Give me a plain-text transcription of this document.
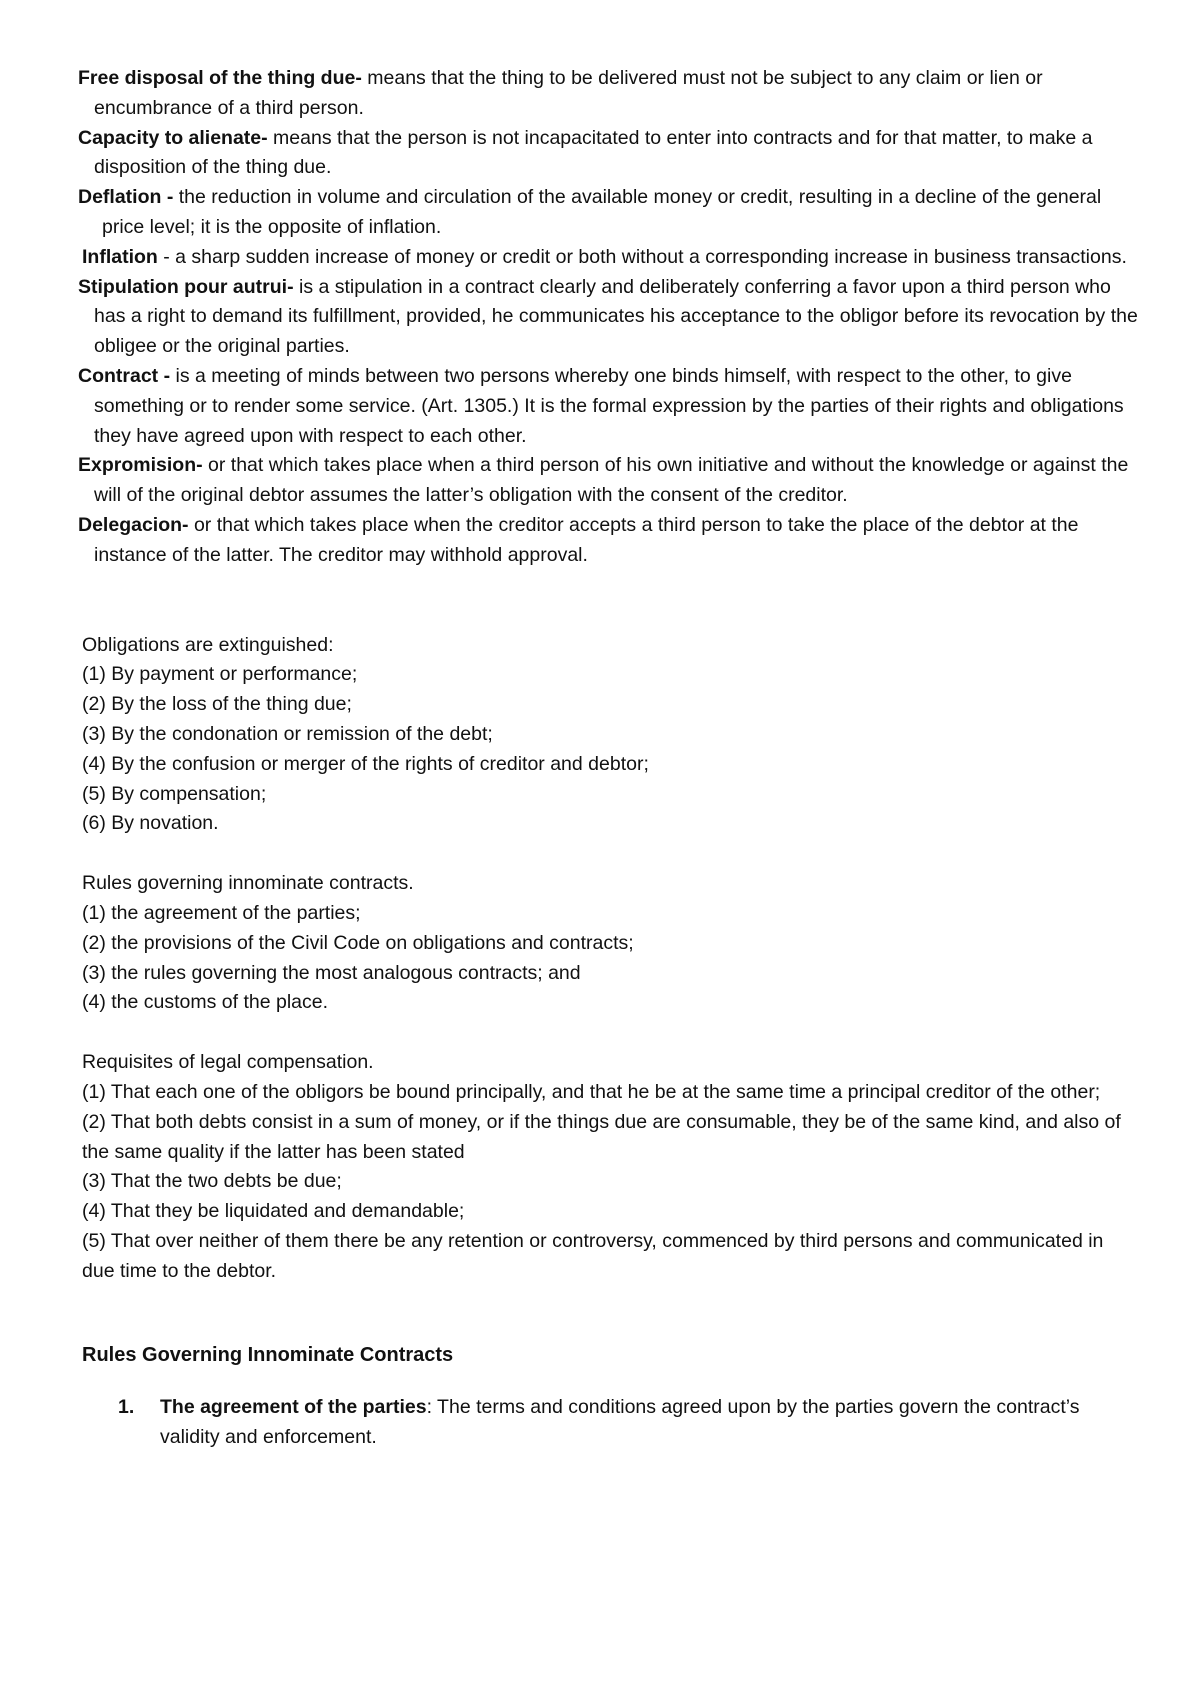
Free disposal of the thing due- means that the thing to be delivered must not be subject to any claim or lien or encumbrance of a third person.

Capacity to alienate- means that the person is not incapacitated to enter into contracts and for that matter, to make a disposition of the thing due.

Deflation - the reduction in volume and circulation of the available money or credit, resulting in a decline of the general price level; it is the opposite of inflation.

Inflation - a sharp sudden increase of money or credit or both without a corresponding increase in business transactions.

Stipulation pour autrui- is a stipulation in a contract clearly and deliberately conferring a favor upon a third person who has a right to demand its fulfillment, provided, he communicates his acceptance to the obligor before its revocation by the obligee or the original parties.

Contract - is a meeting of minds between two persons whereby one binds himself, with respect to the other, to give something or to render some service. (Art. 1305.) It is the formal expression by the parties of their rights and obligations they have agreed upon with respect to each other.

Expromision- or that which takes place when a third person of his own initiative and without the knowledge or against the will of the original debtor assumes the latter’s obligation with the consent of the creditor.

Delegacion- or that which takes place when the creditor accepts a third person to take the place of the debtor at the instance of the latter. The creditor may withhold approval.

Obligations are extinguished:

(1) By payment or performance;

(2) By the loss of the thing due;

(3) By the condonation or remission of the debt;

(4) By the confusion or merger of the rights of creditor and debtor;

(5) By compensation;

(6) By novation.

Rules governing innominate contracts.

(1) the agreement of the parties;

(2) the provisions of the Civil Code on obligations and contracts;

(3) the rules governing the most analogous contracts; and

(4) the customs of the place.

Requisites of legal compensation.

(1) That each one of the obligors be bound principally, and that he be at the same time a principal creditor of the other;

(2) That both debts consist in a sum of money, or if the things due are consumable, they be of the same kind, and also of the same quality if the latter has been stated

(3) That the two debts be due;

(4) That they be liquidated and demandable;

(5) That over neither of them there be any retention or controversy, commenced by third persons and communicated in due time to the debtor.

Rules Governing Innominate Contracts

1. The agreement of the parties: The terms and conditions agreed upon by the parties govern the contract’s validity and enforcement.
